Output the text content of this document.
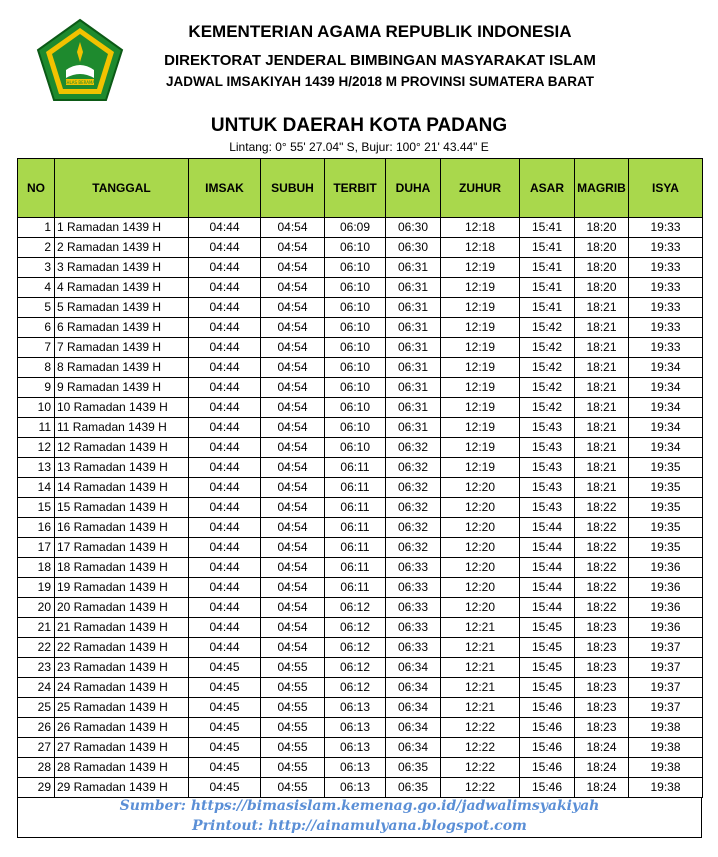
IKHLAS BERAMAL
KEMENTERIAN AGAMA REPUBLIK INDONESIA
DIREKTORAT JENDERAL BIMBINGAN MASYARAKAT ISLAM
JADWAL IMSAKIYAH 1439 H/2018 M PROVINSI SUMATERA BARAT
UNTUK DAERAH KOTA PADANG
Lintang: 0° 55' 27.04" S, Bujur: 100° 21' 43.44" E
NO	TANGGAL	IMSAK	SUBUH	TERBIT	DUHA	ZUHUR	ASAR	MAGRIB	ISYA
1	1 Ramadan 1439 H	04:44	04:54	06:09	06:30	12:18	15:41	18:20	19:33
2	2 Ramadan 1439 H	04:44	04:54	06:10	06:30	12:18	15:41	18:20	19:33
3	3 Ramadan 1439 H	04:44	04:54	06:10	06:31	12:19	15:41	18:20	19:33
4	4 Ramadan 1439 H	04:44	04:54	06:10	06:31	12:19	15:41	18:20	19:33
5	5 Ramadan 1439 H	04:44	04:54	06:10	06:31	12:19	15:41	18:21	19:33
6	6 Ramadan 1439 H	04:44	04:54	06:10	06:31	12:19	15:42	18:21	19:33
7	7 Ramadan 1439 H	04:44	04:54	06:10	06:31	12:19	15:42	18:21	19:33
8	8 Ramadan 1439 H	04:44	04:54	06:10	06:31	12:19	15:42	18:21	19:34
9	9 Ramadan 1439 H	04:44	04:54	06:10	06:31	12:19	15:42	18:21	19:34
10	10 Ramadan 1439 H	04:44	04:54	06:10	06:31	12:19	15:42	18:21	19:34
11	11 Ramadan 1439 H	04:44	04:54	06:10	06:31	12:19	15:43	18:21	19:34
12	12 Ramadan 1439 H	04:44	04:54	06:10	06:32	12:19	15:43	18:21	19:34
13	13 Ramadan 1439 H	04:44	04:54	06:11	06:32	12:19	15:43	18:21	19:35
14	14 Ramadan 1439 H	04:44	04:54	06:11	06:32	12:20	15:43	18:21	19:35
15	15 Ramadan 1439 H	04:44	04:54	06:11	06:32	12:20	15:43	18:22	19:35
16	16 Ramadan 1439 H	04:44	04:54	06:11	06:32	12:20	15:44	18:22	19:35
17	17 Ramadan 1439 H	04:44	04:54	06:11	06:32	12:20	15:44	18:22	19:35
18	18 Ramadan 1439 H	04:44	04:54	06:11	06:33	12:20	15:44	18:22	19:36
19	19 Ramadan 1439 H	04:44	04:54	06:11	06:33	12:20	15:44	18:22	19:36
20	20 Ramadan 1439 H	04:44	04:54	06:12	06:33	12:20	15:44	18:22	19:36
21	21 Ramadan 1439 H	04:44	04:54	06:12	06:33	12:21	15:45	18:23	19:36
22	22 Ramadan 1439 H	04:44	04:54	06:12	06:33	12:21	15:45	18:23	19:37
23	23 Ramadan 1439 H	04:45	04:55	06:12	06:34	12:21	15:45	18:23	19:37
24	24 Ramadan 1439 H	04:45	04:55	06:12	06:34	12:21	15:45	18:23	19:37
25	25 Ramadan 1439 H	04:45	04:55	06:13	06:34	12:21	15:46	18:23	19:37
26	26 Ramadan 1439 H	04:45	04:55	06:13	06:34	12:22	15:46	18:23	19:38
27	27 Ramadan 1439 H	04:45	04:55	06:13	06:34	12:22	15:46	18:24	19:38
28	28 Ramadan 1439 H	04:45	04:55	06:13	06:35	12:22	15:46	18:24	19:38
29	29 Ramadan 1439 H	04:45	04:55	06:13	06:35	12:22	15:46	18:24	19:38
Sumber: https://bimasislam.kemenag.go.id/jadwalimsyakiyah
Printout: http://ainamulyana.blogspot.com
